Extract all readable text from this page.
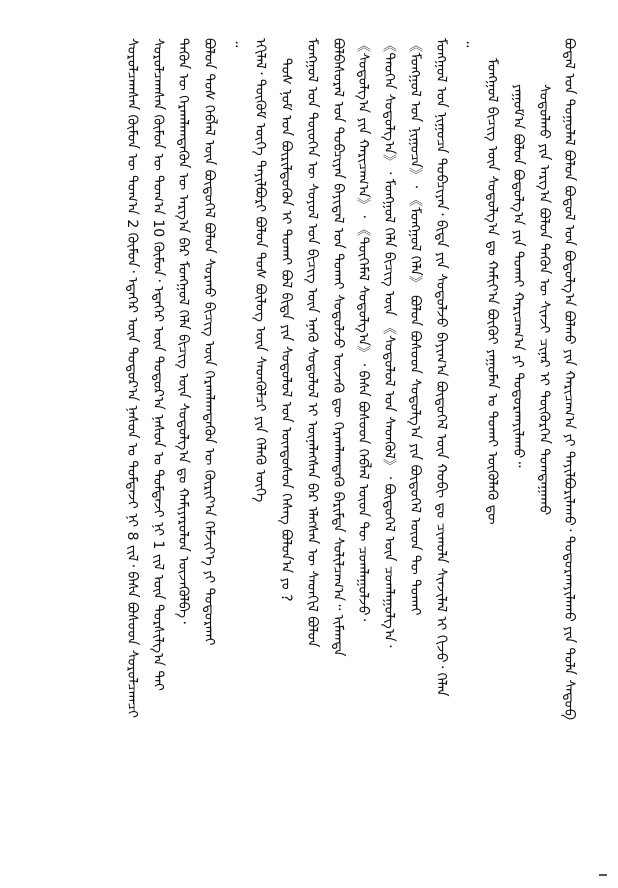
ᠪᠤᠳᠠᠯ ᠤᠨ ᠳᠣᠭᠤᠯᠠᠯ ᠪᠣᠯᠤᠨ ᠪᠣᠳᠣᠯ ᠤᠨ ᠪᠣᠳᠣᠯᠭ᠎ᠠ ᠪᠣᠯᠬᠤ ᠶᠢᠨ ᠬᠠᠷᠢᠴᠠᠭ᠎ᠠ ᠶᠢ ᠲᠠᠶᠢᠯᠪᠤᠷᠢᠯᠠᠬᠤ᠂ ᠲᠣᠳᠣᠷᠬᠠᠶᠢᠯᠠᠬᠤ ᠶᠢᠨ ᠲᠤᠯᠠ ᠰᠡᠳᠦᠪ
ᠰᠤᠳᠤᠯᠬᠤ ᠶᠢᠨ ᠠᠷᠭ᠎ᠠ ᠪᠣᠯᠤᠨ ᠲᠡᠭᠦᠨ ᠦ ᠰᠢᠨᠵᠢ ᠴᠢᠨᠠᠷ ᠢ ᠳᠦᠭᠦᠷᠭᠡᠨ ᠲᠣᠭᠲᠠᠭᠠᠬᠤ
ᠶᠠᠭᠤᠮ᠎ᠠ ᠪᠣᠯᠤᠨ ᠪᠣᠳᠣᠯᠭ᠎ᠠ ᠶᠢᠨ ᠲᠤᠬᠠᠢ ᠬᠠᠷᠢᠴᠠᠭ᠎ᠠ ᠶᠢ ᠲᠣᠳᠣᠷᠬᠠᠶᠢᠯᠠᠬᠤ᠃
ᠮᠣᠩᠭᠣᠯ ᠪᠢᠴᠢᠭ ᠦᠨ ᠰᠤᠳᠤᠯᠭ᠎ᠠ ᠳᠤ ᠬᠠᠮᠢᠶ᠎ᠠ ᠪᠦᠬᠦᠢ ᠶᠠᠭᠤᠮᠠᠨ ᠤ ᠲᠤᠬᠠᠢ ᠦᠭᠦᠯᠡᠬᠦ ᠳᠦ
᠃
ᠮᠣᠩᠭᠣᠯ ᠤᠨ ᠨᠢᠭᠤᠴᠠ ᠲᠣᠪᠴᠢᠶᠠᠨ᠂ ᠪᠢᠳᠡ ᠶᠢᠨ ᠰᠤᠳᠤᠯᠵᠤ ᠪᠠᠶᠢᠭ᠎ᠠ ᠪᠦᠲᠦᠭᠡᠯ ᠦᠨ ᠬᠤᠪᠢ ᠳᠤ ᠴᠢᠬᠤᠯᠠ ᠰᠢᠨᠵᠢᠯᠡᠯ ᠢ ᠬᠢᠵᠦ᠂ ᠬᠡᠯᠡᠨ
《ᠮᠣᠩᠭᠣᠯ ᠤᠨ ᠨᠢᠭᠤᠴᠠ》᠂ 《ᠮᠣᠩᠭᠣᠯ ᠬᠡᠯᠡ》 ᠪᠣᠯᠤᠨ ᠪᠤᠰᠤᠳ ᠰᠤᠳᠤᠯᠭ᠎ᠠ ᠶᠢᠨ ᠪᠦᠲᠦᠭᠡᠯ ᠦᠳ ᠲᠦ ᠲᠤᠬᠠᠶ
《ᠲᠡᠦᠬᠡᠨ ᠰᠤᠳᠤᠯᠭ᠎ᠠ》᠂ ᠮᠣᠩᠭᠣᠯ ᠬᠡᠯᠡ ᠪᠢᠴᠢᠭ ᠦᠨ 《ᠰᠤᠳᠤᠯᠤᠯ ᠤᠨ ᠰᠡᠳᠬᠦᠯ》᠂ ᠪᠦᠲᠦᠭᠡᠯ ᠦᠨ ᠴᠤᠭᠯᠠᠭᠤᠯᠭ᠎ᠠ᠂
《ᠰᠤᠳᠤᠯᠭ᠎ᠠ ᠶᠢᠨ ᠬᠠᠷᠢᠴᠠᠭ᠎ᠠ》᠂ 《ᠲᠦᠭᠡᠮᠡᠯ ᠰᠤᠳᠤᠯᠭ᠎ᠠ》᠂ ᠪᠠᠰᠠ ᠪᠤᠰᠤᠳ ᠬᠡᠪᠯᠡᠯ ᠦᠳ ᠲᠦ ᠴᠤᠭᠯᠠᠭᠤᠯᠵᠤ᠂
ᠪᠣᠯᠪᠠᠰᠤᠷᠠᠯ ᠤᠨ ᠲᠣᠪᠴᠢᠶᠠᠨ ᠪᠠᠶᠢᠳᠠᠯ ᠤᠨ ᠲᠤᠬᠠᠢ ᠰᠤᠳᠤᠯᠵᠤ ᠦᠵᠡᠬᠦ ᠳᠦ ᠬᠡᠷᠡᠭ᠍ᠯᠡᠭ᠍ᠳᠡᠬᠦ ᠪᠠᠷᠢᠮᠲᠠ ᠰᠣᠯᠢᠯᠴᠠᠭ᠎ᠠ᠃ ᠢᠮᠠᠭᠲᠠ
ᠮᠣᠩᠭᠣᠯ ᠤᠨ ᠲᠦᠦᠬᠡᠨ ᠦ ᠰᠣᠶᠣᠯ ᠤᠨ ᠪᠢᠴᠢᠭ ᠦᠨ ᠡᠨᠡᠬᠦ ᠰᠤᠳᠤᠯᠤᠯ ᠢ ᠦᠨᠡᠯᠡᠭᠰᠡᠨ ᠪᠡᠷ ᠡᠯᠡᠭᠰᠡᠨ ᠦ ᠰᠡᠳᠬᠢᠯ ᠪᠣᠯᠤᠨ
ᠲᠤᠰ ᠨᠣᠮ ᠤᠨ ᠪᠦᠷᠢᠯᠳᠦᠭᠦᠨ ᠢ ᠲᠤᠬᠠᠢ ᠪᠤᠯ ᠪᠢᠳᠡ ᠶᠢᠨ ᠰᠤᠳᠤᠯᠤᠯ ᠤᠨ ᠦᠨᠳᠦᠰᠦᠨ ᠬᠡᠰᠡᠭ ᠪᠣᠯᠤᠨ᠎ᠠ ᠶᠤ ?
ᠡᠬᠢᠯᠡᠯ᠂ ᠳᠦᠬᠦᠮ ᠦᠭᠡ ᠲᠠᠶᠢᠯᠪᠤᠷᠢ ᠪᠣᠯᠤᠨ ᠲᠤᠰ ᠪᠦᠯᠦᠭ ᠦᠨ ᠰᠡᠳᠬᠦᠯᠴᠢ ᠶᠢᠨ ᠬᠡᠯᠡᠬᠦ ᠦᠭᠡ
᠃
ᠪᠣᠯᠤᠨ ᠲᠤᠰ ᠬᠡᠪᠯᠡᠯ ᠦᠨ ᠪᠦᠲᠦᠭᠡᠯ ᠪᠣᠯᠤᠨ ᠰᠤᠷᠬᠤ ᠪᠢᠴᠢᠭ ᠦᠨ ᠬᠡᠷᠡᠭ᠍ᠯᠡᠭ᠍ᠳᠡᠬᠦᠨ ᠦ ᠬᠦᠷᠢᠶ᠎ᠠ ᠬᠡᠮᠵᠢᠶ᠎ᠡ ᠶᠢ ᠲᠣᠳᠣᠷᠬᠠᠶ
ᠲᠡᠭᠦᠨ ᠦ ᠬᠡᠷᠡᠭ᠍ᠯᠡᠭ᠍ᠳᠡᠬᠦᠨ ᠦ ᠠᠷᠭ᠎ᠠ ᠪᠠᠷ ᠮᠣᠩᠭᠣᠯ ᠬᠡᠯᠡ ᠪᠢᠴᠢᠭ ᠦᠨ ᠰᠤᠳᠤᠯᠭ᠎ᠠ ᠳᠤ ᠬᠠᠮᠢᠶᠠᠷᠤᠯᠤᠨ ᠦᠵᠡᠭᠦᠯᠪᠡ᠂
ᠰᠤᠷᠤᠯᠴᠠᠭᠰᠠᠨ ᠬᠦᠮᠦᠨ ᠦ ᠲᠣᠭ᠎ᠠ 10 ᠬᠦᠮᠦᠨ᠂ ᠡᠳᠡᠭᠡᠷ ᠦᠨ ᠳᠣᠲᠣᠷ᠎ᠠ ᠨᠠᠰᠤᠨ ᠤ ᠳᠤᠮᠳᠠᠵᠢ ᠨᠢ 1 ᠵᠢᠯ ᠦᠨ ᠲᠤᠷᠰᠢᠯᠭ᠎ᠠ ᠲᠠᠶ
ᠰᠤᠷᠤᠯᠴᠠᠭᠰᠠᠨ ᠬᠦᠮᠦᠨ ᠦ ᠲᠣᠭ᠎ᠠ 2 ᠬᠦᠮᠦᠨ᠂ ᠡᠳᠡᠭᠡᠷ ᠦᠨ ᠳᠣᠲᠣᠷ᠎ᠠ ᠨᠠᠰᠤᠨ ᠤ ᠳᠤᠮᠳᠠᠵᠢ ᠨᠢ 8 ᠵᠢᠯ᠂ ᠪᠠᠰᠠ ᠪᠤᠰᠤᠳ ᠰᠤᠷᠤᠯᠴᠠᠭᠴᠢ
